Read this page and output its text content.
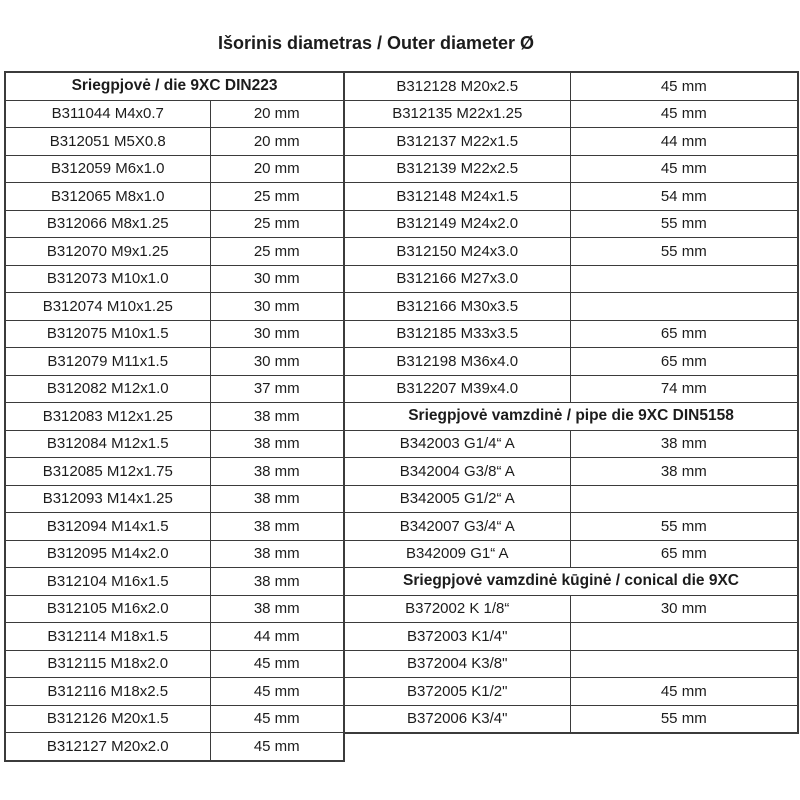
Išorinis diametras / Outer diameter Ø
Sriegpjovė / die 9XC DIN223	
B311044 M4x0.7	20 mm
B312051 M5X0.8	20 mm
B312059 M6x1.0	20 mm
B312065 M8x1.0	25 mm
B312066 M8x1.25	25 mm
B312070 M9x1.25	25 mm
B312073 M10x1.0	30 mm
B312074 M10x1.25	30 mm
B312075 M10x1.5	30 mm
B312079 M11x1.5	30 mm
B312082 M12x1.0	37 mm
B312083 M12x1.25	38 mm
B312084 M12x1.5	38 mm
B312085 M12x1.75	38 mm
B312093 M14x1.25	38 mm
B312094 M14x1.5	38 mm
B312095 M14x2.0	38 mm
B312104 M16x1.5	38 mm
B312105 M16x2.0	38 mm
B312114 M18x1.5	44 mm
B312115 M18x2.0	45 mm
B312116 M18x2.5	45 mm
B312126 M20x1.5	45 mm
B312127 M20x2.0	45 mm
B312128 M20x2.5	45 mm
B312135 M22x1.25	45 mm
B312137 M22x1.5	44 mm
B312139 M22x2.5	45 mm
B312148 M24x1.5	54 mm
B312149 M24x2.0	55 mm
B312150 M24x3.0	55 mm
B312166 M27x3.0	
B312166 M30x3.5	
B312185 M33x3.5	65 mm
B312198 M36x4.0	65 mm
B312207 M39x4.0	74 mm
Sriegpjovė vamzdinė / pipe die 9XC DIN5158	
B342003 G1/4“ A	38 mm
B342004 G3/8“ A	38 mm
B342005 G1/2“ A	
B342007 G3/4“ A	55 mm
B342009 G1“ A	65 mm
Sriegpjovė vamzdinė kūginė / conical die 9XC	
B372002 K 1/8“	30 mm
B372003 K1/4"	
B372004 K3/8"	
B372005 K1/2"	45 mm
B372006 K3/4"	55 mm
